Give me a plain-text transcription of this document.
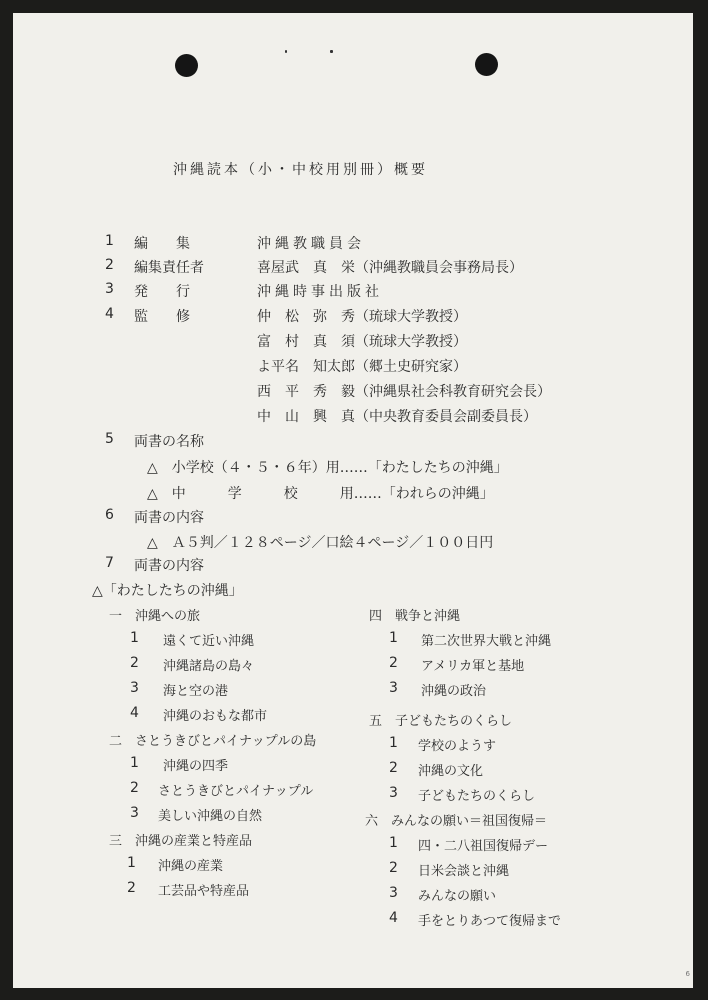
沖縄読本（小・中校用別冊）概要
1 編　　集	沖縄教職員会
2 編集責任者	喜屋武　真　栄（沖縄教職員会事務局長）
3 発　　行	沖縄時事出版社
4 監　　修	仲　松　弥　秀（琉球大学教授）
富　村　真　須（琉球大学教授）
よ平名　知太郎（郷土史研究家）
西　平　秀　毅（沖縄県社会科教育研究会長）
中　山　興　真（中央教育委員会副委員長）
5 両書の名称
△　小学校（４・５・６年）用……「わたしたちの沖縄」
△　中　　　学　　　校　　　用……「われらの沖縄」
6 両書の内容
△　Ａ５判／１２８ページ／口絵４ページ／１００日円
7 両書の内容
△「わたしたちの沖縄」
一　沖縄への旅
1 遠くて近い沖縄
2 沖縄諸島の島々
3 海と空の港
4 沖縄のおもな都市
二　さとうきびとパイナップルの島
1 沖縄の四季
2 さとうきびとパイナップル
3 美しい沖縄の自然
三　沖縄の産業と特産品
1 沖縄の産業
2 工芸品や特産品
四　戦争と沖縄
1 第二次世界大戦と沖縄
2 アメリカ軍と基地
3 沖縄の政治
五　子どもたちのくらし
1 学校のようす
2 沖縄の文化
3 子どもたちのくらし
六　みんなの願い＝祖国復帰＝
1 四・二八祖国復帰デー
2 日米会談と沖縄
3 みんなの願い
4 手をとりあつて復帰まで
6
